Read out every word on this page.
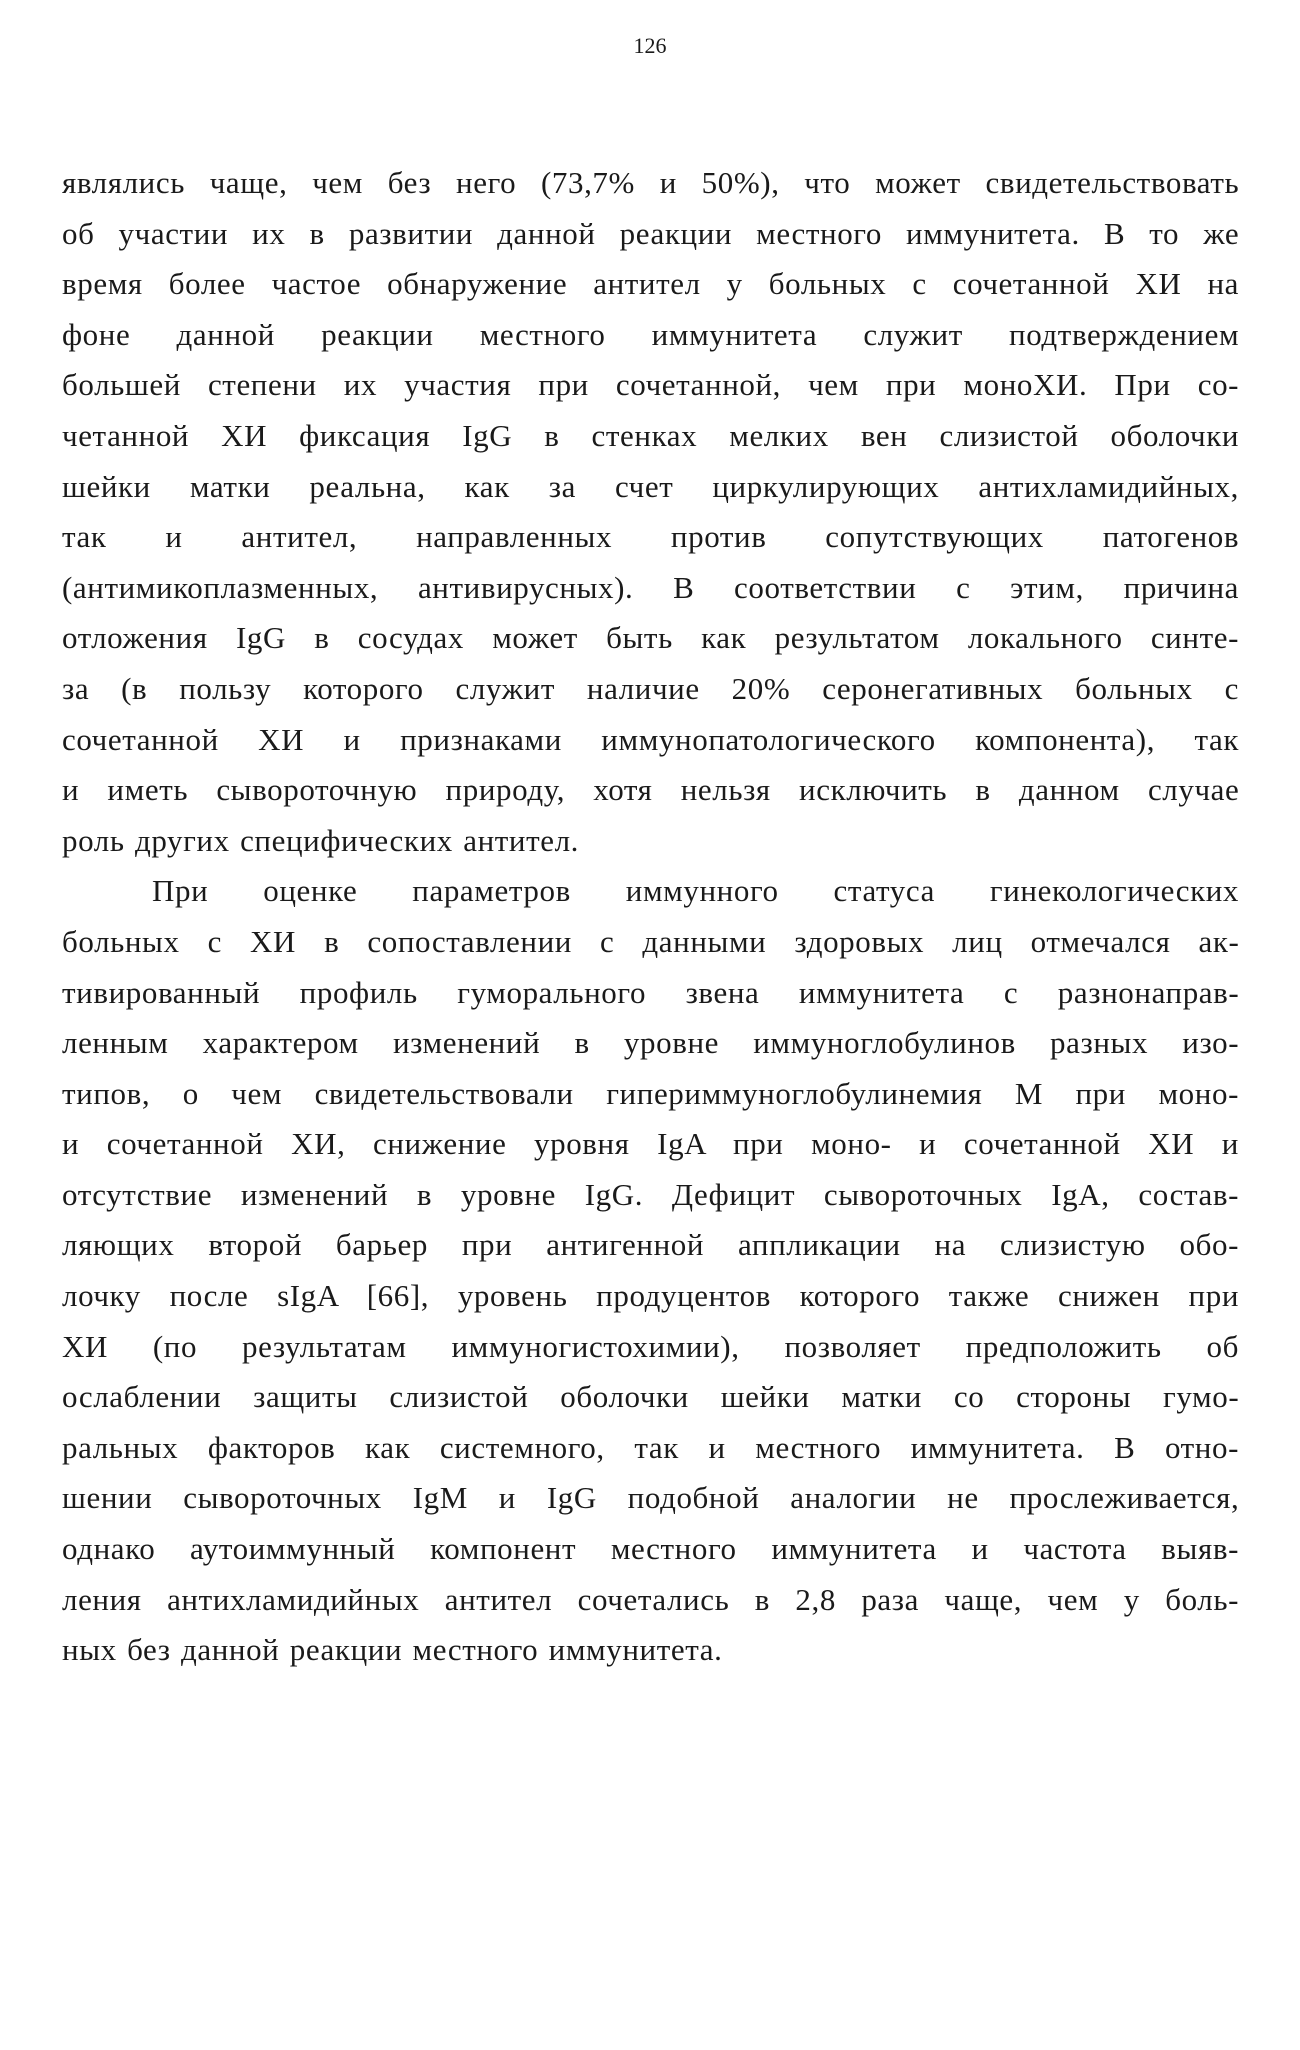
126

являлись чаще, чем без него (73,7% и 50%), что может свидетельствовать
об участии их в развитии данной реакции местного иммунитета. В то же
время более частое обнаружение антител у больных с сочетанной ХИ на
фоне данной реакции местного иммунитета служит подтверждением
большей степени их участия при сочетанной, чем при моноХИ. При со-
четанной ХИ фиксация IgG в стенках мелких вен слизистой оболочки
шейки матки реальна, как за счет циркулирующих антихламидийных,
так и антител, направленных против сопутствующих патогенов
(антимикоплазменных, антивирусных). В соответствии с этим, причина
отложения IgG в сосудах может быть как результатом локального синте-
за (в пользу которого служит наличие 20% серонегативных больных с
сочетанной ХИ и признаками иммунопатологического компонента), так
и иметь сывороточную природу, хотя нельзя исключить в данном случае
роль других специфических антител.

При оценке параметров иммунного статуса гинекологических
больных с ХИ в сопоставлении с данными здоровых лиц отмечался ак-
тивированный профиль гуморального звена иммунитета с разнонаправ-
ленным характером изменений в уровне иммуноглобулинов разных изо-
типов, о чем свидетельствовали гипериммуноглобулинемия М при моно-
и сочетанной ХИ, снижение уровня IgA при моно- и сочетанной ХИ и
отсутствие изменений в уровне IgG. Дефицит сывороточных IgA, состав-
ляющих второй барьер при антигенной аппликации на слизистую обо-
лочку после sIgA [66], уровень продуцентов которого также снижен при
ХИ (по результатам иммуногистохимии), позволяет предположить об
ослаблении защиты слизистой оболочки шейки матки со стороны гумо-
ральных факторов как системного, так и местного иммунитета. В отно-
шении сывороточных IgM и IgG подобной аналогии не прослеживается,
однако аутоиммунный компонент местного иммунитета и частота выяв-
ления антихламидийных антител сочетались в 2,8 раза чаще, чем у боль-
ных без данной реакции местного иммунитета.
